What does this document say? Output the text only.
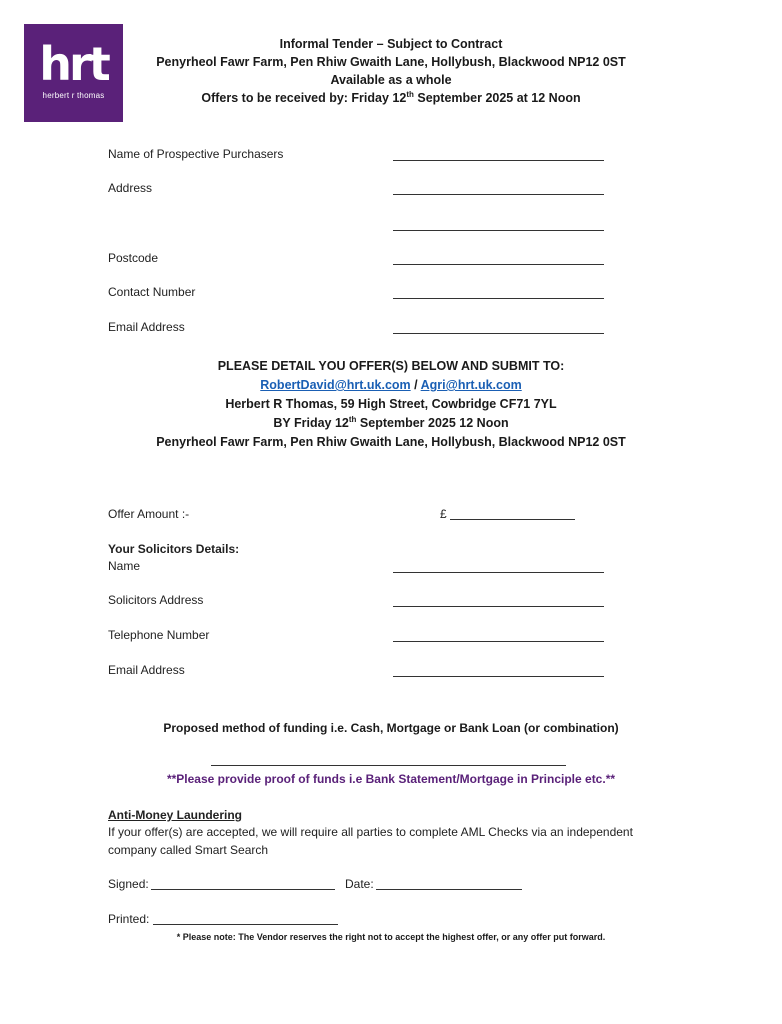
hrt
herbert r thomas
Informal Tender – Subject to Contract
Penyrheol Fawr Farm, Pen Rhiw Gwaith Lane, Hollybush, Blackwood NP12 0ST
Available as a whole
Offers to be received by: Friday 12th September 2025 at 12 Noon
Name of Prospective Purchasers
Address
Postcode
Contact Number
Email Address
PLEASE DETAIL YOU OFFER(S) BELOW AND SUBMIT TO:
RobertDavid@hrt.uk.com / Agri@hrt.uk.com
Herbert R Thomas, 59 High Street, Cowbridge CF71 7YL
BY Friday 12th September 2025 12 Noon
Penyrheol Fawr Farm, Pen Rhiw Gwaith Lane, Hollybush, Blackwood NP12 0ST
Offer Amount :-	£
Your Solicitors Details:
Name
Solicitors Address
Telephone Number
Email Address
Proposed method of funding i.e. Cash, Mortgage or Bank Loan (or combination)
**Please provide proof of funds i.e Bank Statement/Mortgage in Principle etc.**
Anti-Money Laundering
If your offer(s) are accepted, we will require all parties to complete AML Checks via an independent
company called Smart Search
Signed:	Date:
Printed:
* Please note: The Vendor reserves the right not to accept the highest offer, or any offer put forward.
